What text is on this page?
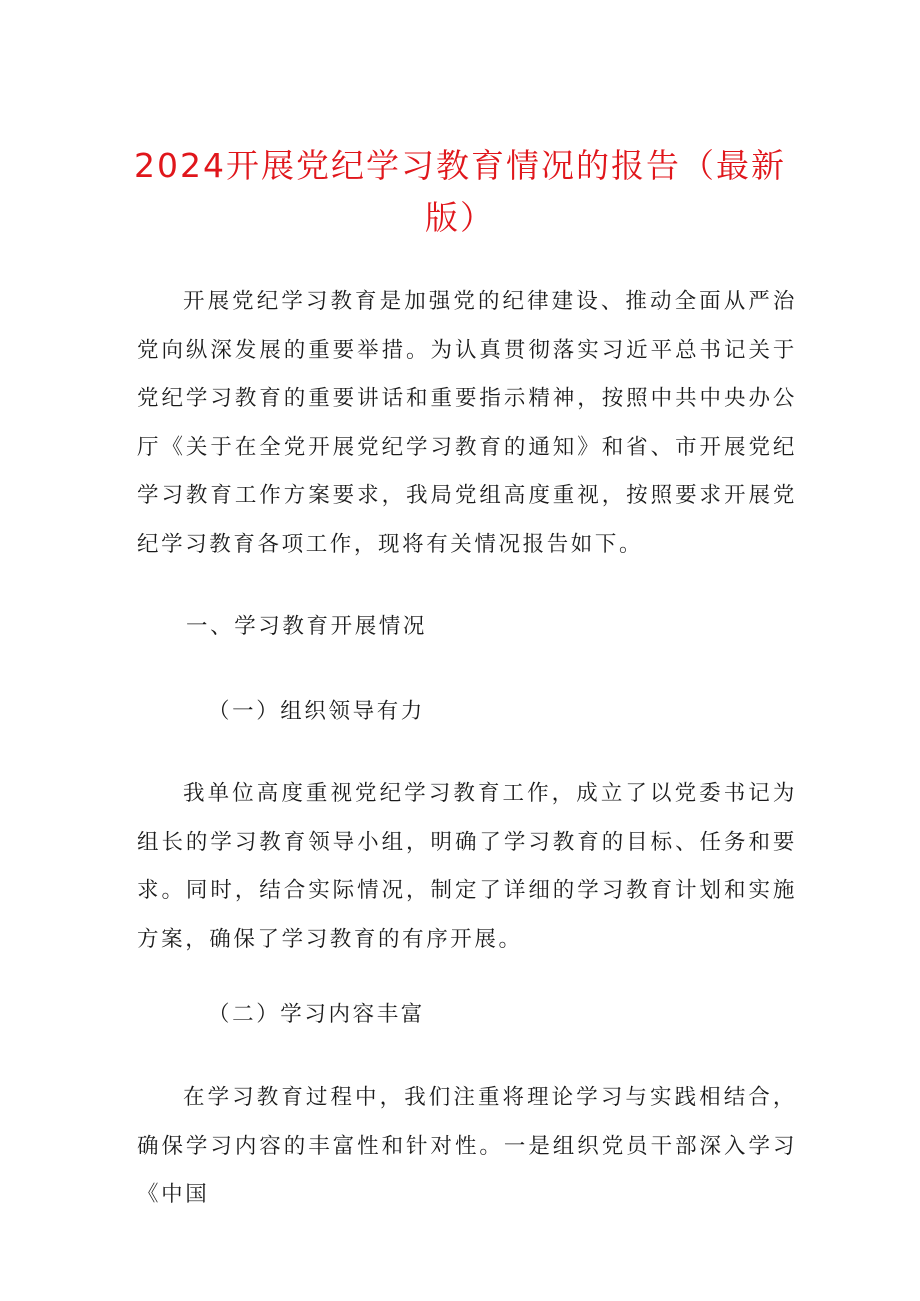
2024开展党纪学习教育情况的报告（最新版）

开展党纪学习教育是加强党的纪律建设、推动全面从严治党向纵深发展的重要举措。为认真贯彻落实习近平总书记关于党纪学习教育的重要讲话和重要指示精神，按照中共中央办公厅《关于在全党开展党纪学习教育的通知》和省、市开展党纪学习教育工作方案要求，我局党组高度重视，按照要求开展党纪学习教育各项工作，现将有关情况报告如下。

一、学习教育开展情况
（一）组织领导有力

我单位高度重视党纪学习教育工作，成立了以党委书记为组长的学习教育领导小组，明确了学习教育的目标、任务和要求。同时，结合实际情况，制定了详细的学习教育计划和实施方案，确保了学习教育的有序开展。

（二）学习内容丰富

在学习教育过程中，我们注重将理论学习与实践相结合，确保学习内容的丰富性和针对性。一是组织党员干部深入学习《中国
